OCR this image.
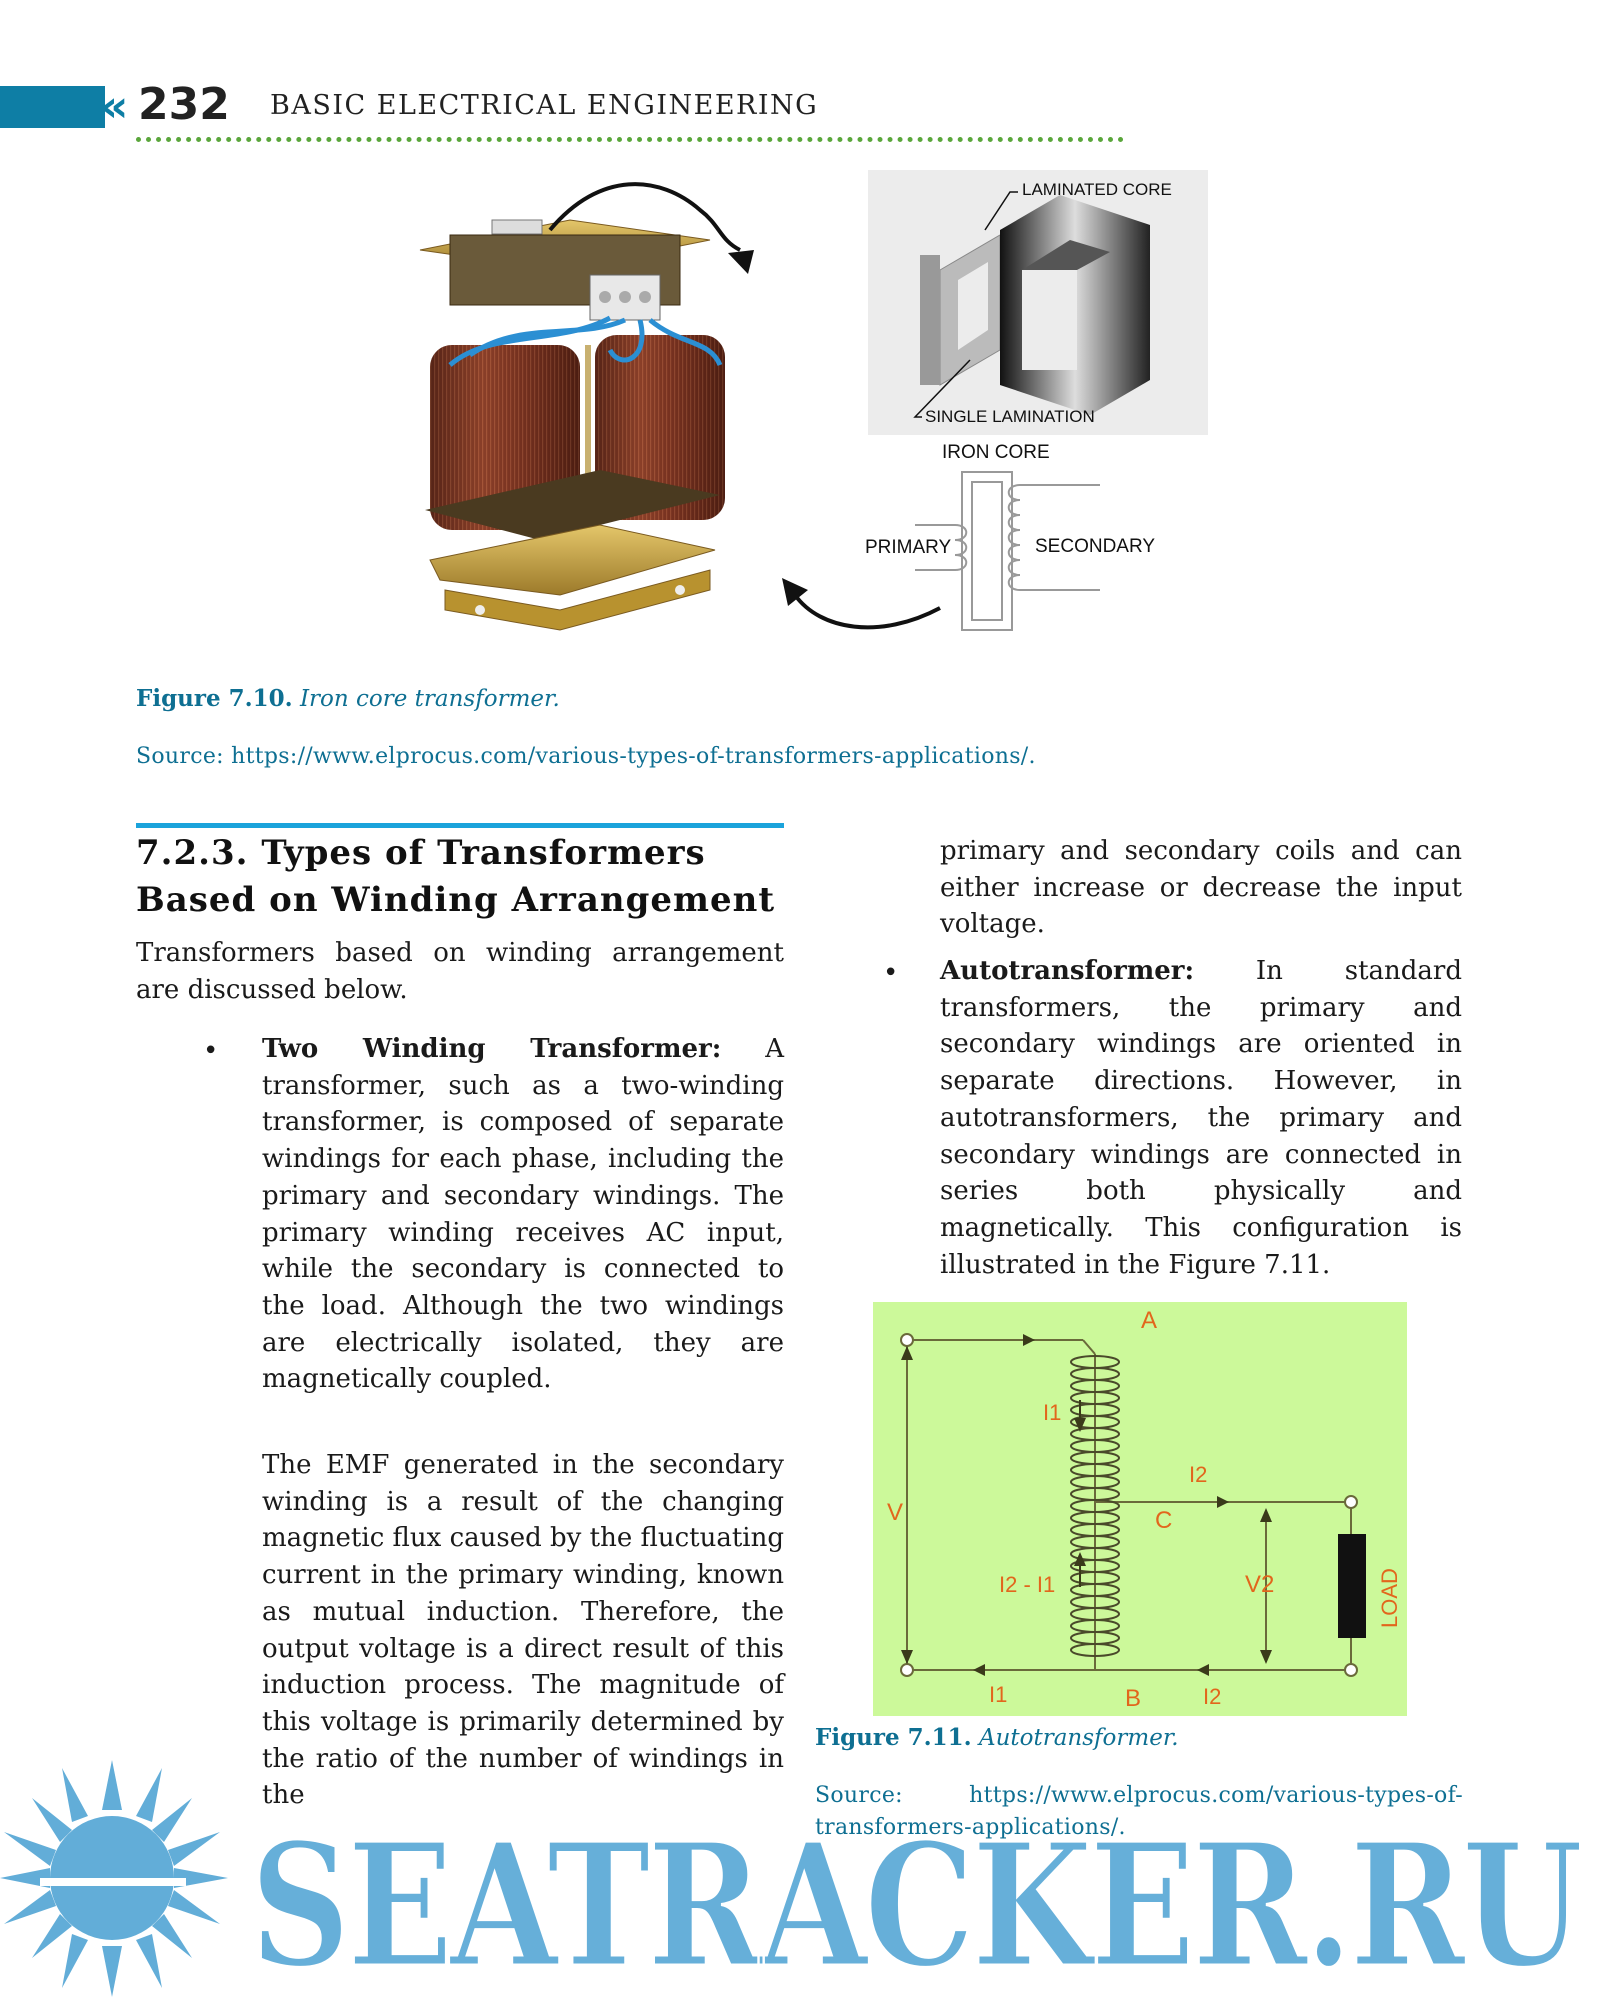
« 232 BASIC ELECTRICAL ENGINEERING
LAMINATED CORE
SINGLE LAMINATION
IRON CORE
PRIMARY	SECONDARY
Figure 7.10. Iron core transformer.
Source: https://www.elprocus.com/various-types-of-transformers-applications/.
7.2.3. Types of Transformers
Based on Winding Arrangement
Transformers based on winding arrangement are discussed below.
• Two Winding Transformer: A transformer, such as a two-winding transformer, is composed of separate windings for each phase, including the primary and secondary windings. The primary winding receives AC input, while the secondary is connected to the load. Although the two windings are electrically isolated, they are magnetically coupled.
The EMF generated in the secondary winding is a result of the changing magnetic flux caused by the fluctuating current in the primary winding, known as mutual induction. Therefore, the output voltage is a direct result of this induction process. The magnitude of this voltage is primarily determined by the ratio of the number of windings in the
primary and secondary coils and can either increase or decrease the input voltage.
• Autotransformer: In standard transformers, the primary and secondary windings are oriented in separate directions. However, in autotransformers, the primary and secondary windings are connected in series both physically and magnetically. This configuration is illustrated in the Figure 7.11.
A
B
C
V
V2
I1
I2
I2 - I1
I1	I2
LOAD
Figure 7.11. Autotransformer.
Source: https://www.elprocus.com/various-types-of-transformers-applications/.
SEATRACKER.RU
